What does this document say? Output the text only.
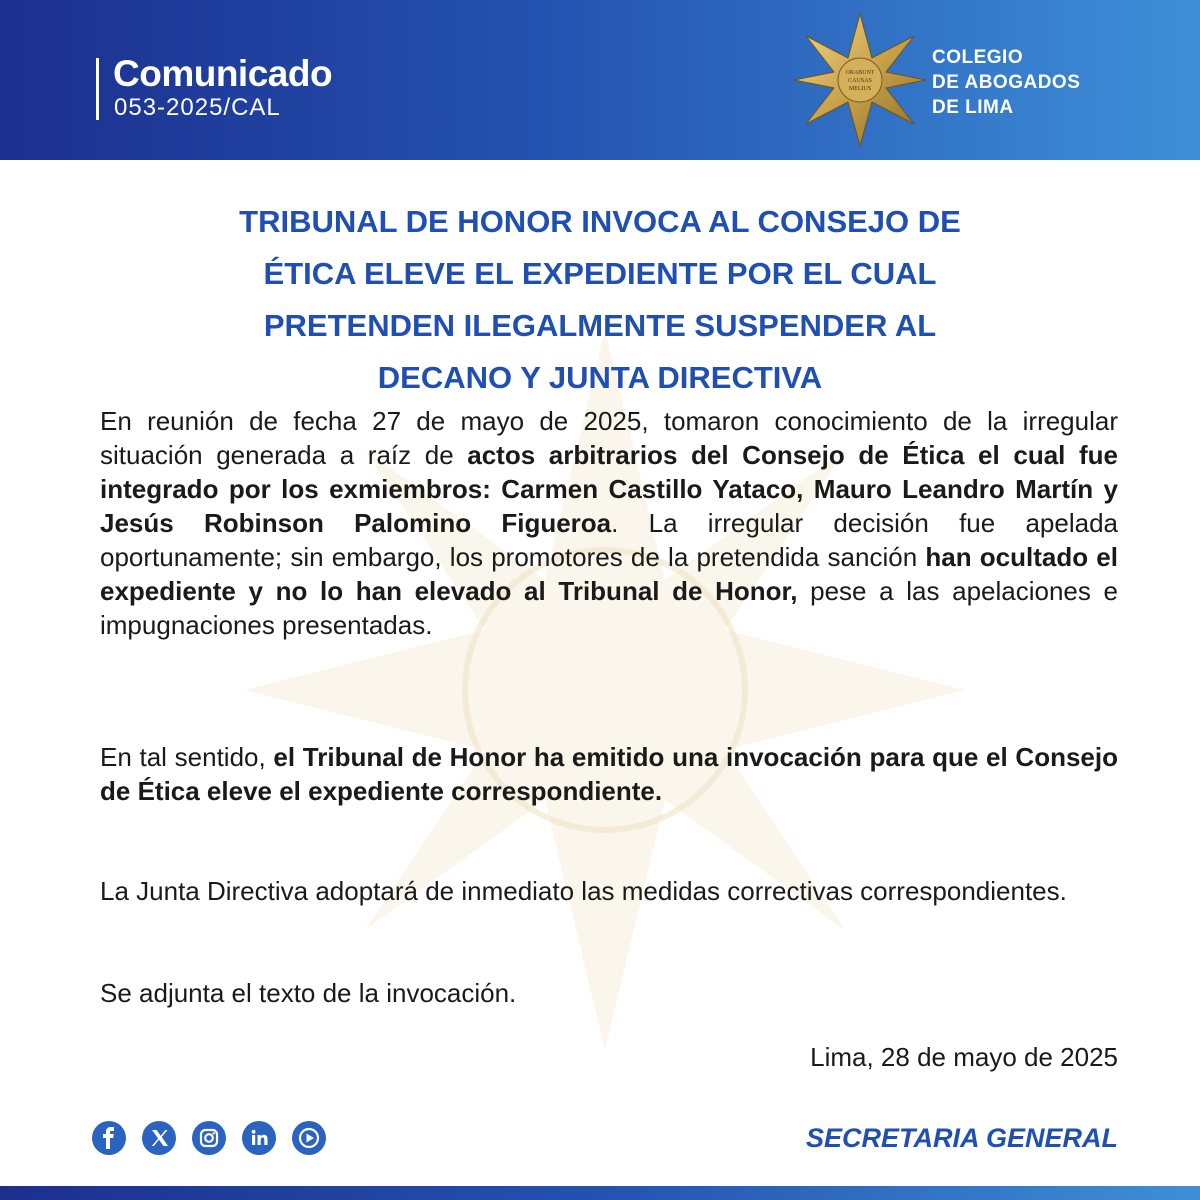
Comunicado
053-2025/CAL
ORABUNT
CAUSAS
MELIUS
COLEGIO
DE ABOGADOS
DE LIMA
TRIBUNAL DE HONOR INVOCA AL CONSEJO DE
ÉTICA ELEVE EL EXPEDIENTE POR EL CUAL
PRETENDEN ILEGALMENTE SUSPENDER AL
DECANO Y JUNTA DIRECTIVA
En reunión de fecha 27 de mayo de 2025, tomaron conocimiento de la irregular situación generada a raíz de actos arbitrarios del Consejo de Ética el cual fue integrado por los exmiembros: Carmen Castillo Yataco, Mauro Leandro Martín y Jesús Robinson Palomino Figueroa. La irregular decisión fue apelada oportunamente; sin embargo, los promotores de la pretendida sanción han ocultado el expediente y no lo han elevado al Tribunal de Honor, pese a las apelaciones e impugnaciones presentadas.
En tal sentido, el Tribunal de Honor ha emitido una invocación para que el Consejo de Ética eleve el expediente correspondiente.
La Junta Directiva adoptará de inmediato las medidas correctivas correspondientes.
Se adjunta el texto de la invocación.
Lima, 28 de mayo de 2025
SECRETARIA GENERAL
